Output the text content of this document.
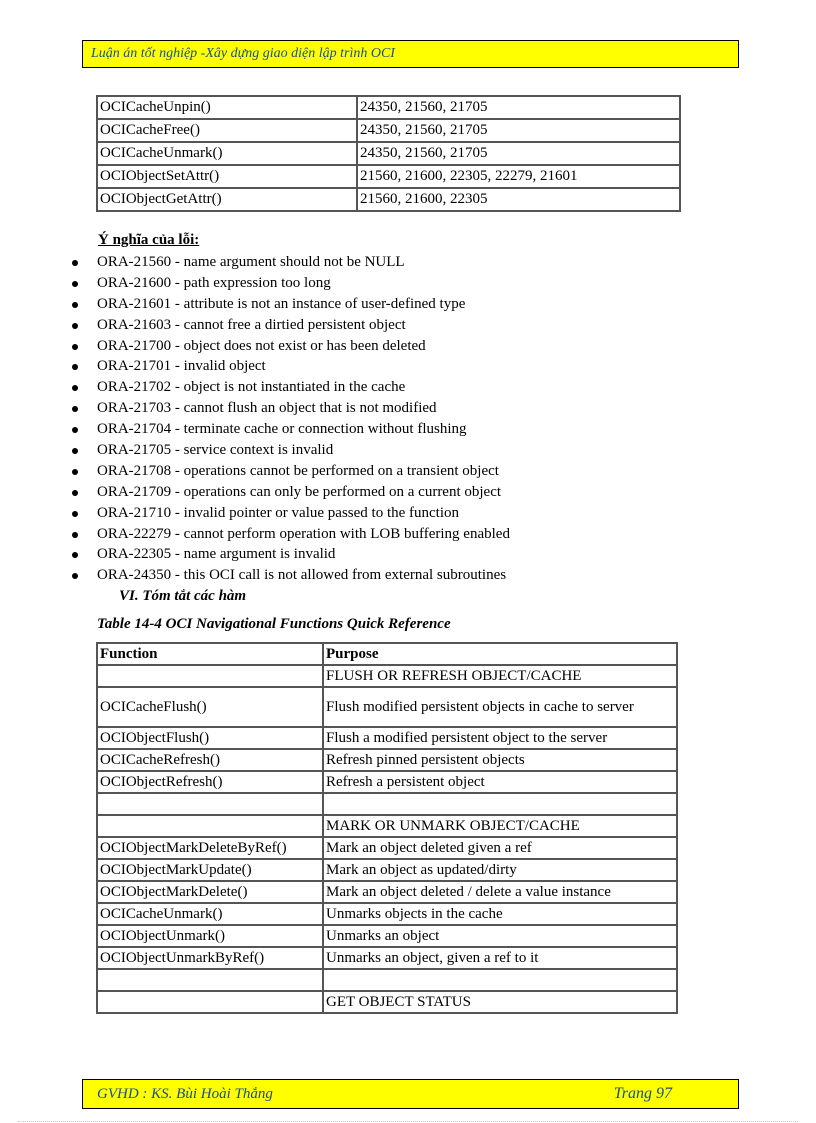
Luận án tốt nghiệp -Xây dựng giao diện lập trình OCI
OCICacheUnpin()	24350, 21560, 21705
OCICacheFree()	24350, 21560, 21705
OCICacheUnmark()	24350, 21560, 21705
OCIObjectSetAttr()	21560, 21600, 22305, 22279, 21601
OCIObjectGetAttr()	21560, 21600, 22305
Ý nghĩa của lỗi:
ORA-21560 - name argument should not be NULL
ORA-21600 - path expression too long
ORA-21601 - attribute is not an instance of user-defined type
ORA-21603 - cannot free a dirtied persistent object
ORA-21700 - object does not exist or has been deleted
ORA-21701 - invalid object
ORA-21702 - object is not instantiated in the cache
ORA-21703 - cannot flush an object that is not modified
ORA-21704 - terminate cache or connection without flushing
ORA-21705 - service context is invalid
ORA-21708 - operations cannot be performed on a transient object
ORA-21709 - operations can only be performed on a current object
ORA-21710 - invalid pointer or value passed to the function
ORA-22279 - cannot perform operation with LOB buffering enabled
ORA-22305 - name argument is invalid
ORA-24350 - this OCI call is not allowed from external subroutines
VI. Tóm tắt các hàm
Table 14-4 OCI Navigational Functions Quick Reference
Function	Purpose
	FLUSH OR REFRESH OBJECT/CACHE
OCICacheFlush()	Flush modified persistent objects in cache to server
OCIObjectFlush()	Flush a modified persistent object to the server
OCICacheRefresh()	Refresh pinned persistent objects
OCIObjectRefresh()	Refresh a persistent object

	MARK OR UNMARK OBJECT/CACHE
OCIObjectMarkDeleteByRef()	Mark an object deleted given a ref
OCIObjectMarkUpdate()	Mark an object as updated/dirty
OCIObjectMarkDelete()	Mark an object deleted / delete a value instance
OCICacheUnmark()	Unmarks objects in the cache
OCIObjectUnmark()	Unmarks an object
OCIObjectUnmarkByRef()	Unmarks an object, given a ref to it

	GET OBJECT STATUS
GVHD : KS. Bùi Hoài Thắng	Trang 97
